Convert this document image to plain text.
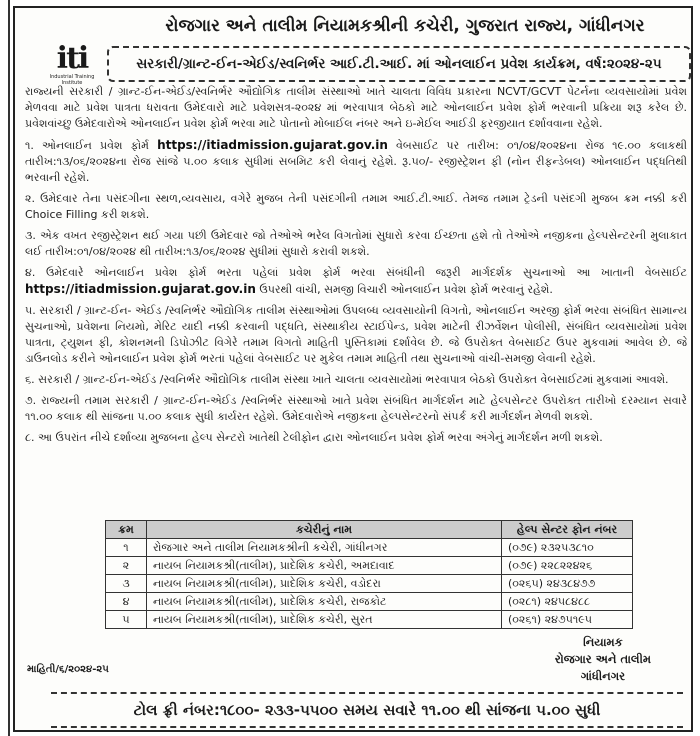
રોજગાર અને તાલીમ નિયામકશ્રીની કચેરી, ગુજરાત રાજ્ય, ગાંધીનગર
iti
Industrial Training Institute
સરકારી/ગ્રાન્ટ-ઈન-એઈડ/સ્વનિર્ભર આઈ.ટી.આઈ. માં ઓનલાઈન પ્રવેશ કાર્યક્રમ, વર્ષ:૨૦૨૪-૨૫

રાજ્યની સરકારી / ગ્રાન્ટ-ઈન-એઈડ/સ્વનિર્ભર ઔદ્યોગિક તાલીમ સંસ્થાઓ ખાતે ચાલતા વિવિધ પ્રકારના NCVT/GCVT પેટર્નના વ્યવસાયોમાં પ્રવેશ મેળવવા માટે પ્રવેશ પાત્રતા ધરાવતા ઉમેદવારો માટે પ્રવેશસત્ર-૨૦૨૪ માં ભરવાપાત્ર બેઠકો માટે ઓનલાઈન પ્રવેશ ફોર્મ ભરવાની પ્રક્રિયા શરૂ કરેલ છે. પ્રવેશવાંચ્છુ ઉમેદવારોએ ઓનલાઈન પ્રવેશ ફોર્મ ભરવા માટે પોતાનો મોબાઈલ નંબર અને ઇ-મેઈલ આઈડી ફરજીયાત દર્શાવવાના રહેશે.

૧. ઓનલાઈન પ્રવેશ ફોર્મ https://itiadmission.gujarat.gov.in વેબસાઈટ પર તારીખ: ૦૧/૦૪/૨૦૨૪ના રોજ ૧૯.૦૦ કલાકથી તારીખ:૧૩/૦૬/૨૦૨૪ના રોજ સાંજે ૫.૦૦ કલાક સુધીમાં સબમિટ કરી લેવાનું રહેશે. રૂ.૫૦/- રજીસ્ટ્રેશન ફી (નોન રીફન્ડેબલ) ઓનલાઈન પદ્ધતિથી ભરવાની રહેશે.

૨. ઉમેદવાર તેના પસંદગીના સ્થળ,વ્યવસાય, વગેરે મુજબ તેની પસંદગીની તમામ આઈ.ટી.આઈ. તેમજ તમામ ટ્રેડની પસંદગી મુજબ ક્રમ નક્કી કરી Choice Filling કરી શકશે.

૩. એક વખત રજીસ્ટ્રેશન થઈ ગયા પછી ઉમેદવાર જો તેઓએ ભરેલ વિગતોમાં સુધારો કરવા ઈચ્છતા હશે તો તેઓએ નજીકના હેલ્પસેન્ટરની મુલાકાત લઈ તારીખ:૦૧/૦૪/૨૦૨૪ થી તારીખ:૧૩/૦૬/૨૦૨૪ સુધીમાં સુધારો કરાવી શકશે.

૪. ઉમેદવારે ઓનલાઈન પ્રવેશ ફોર્મ ભરતા પહેલાં પ્રવેશ ફોર્મ ભરવા સંબંધીની જરૂરી માર્ગદર્શક સુચનાઓ આ ખાતાની વેબસાઈટ https://itiadmission.gujarat.gov.in ઉપરથી વાંચી, સમજી વિચારી ઓનલાઈન પ્રવેશ ફોર્મ ભરવાનું રહેશે.

૫. સરકારી / ગ્રાન્ટ-ઈન- એઈડ /સ્વનિર્ભર ઔદ્યોગિક તાલીમ સંસ્થાઓમાં ઉપલબ્ધ વ્યવસાયોની વિગતો, ઓનલાઈન અરજી ફોર્મ ભરવા સંબંધિત સામાન્ય સુચનાઓ, પ્રવેશના નિયમો, મેરિટ યાદી નક્કી કરવાની પદ્ધતિ, સંસ્થાકીય સ્ટાઈપેન્ડ, પ્રવેશ માટેની રીઝર્વેશન પોલીસી, સંબંધિત વ્યવસાયોમાં પ્રવેશ પાત્રતા, ટ્યુશન ફી, કોશનમની ડિપોઝીટ વિગેરે તમામ વિગતો માહિતી પુસ્તિકામાં દર્શાવેલ છે. જે ઉપરોક્ત વેબસાઈટ ઉપર મુકવામાં આવેલ છે. જે ડાઉનલોડ કરીને ઓનલાઈન પ્રવેશ ફોર્મ ભરતાં પહેલાં વેબસાઈટ પર મુકેલ તમામ માહિતી તથા સુચનાઓ વાંચી-સમજી લેવાની રહેશે.

૬. સરકારી / ગ્રાન્ટ-ઈન-એઈડ /સ્વનિર્ભર ઔદ્યોગિક તાલીમ સંસ્થા ખાતે ચાલતા વ્યવસાયોમાં ભરવાપાત્ર બેઠકો ઉપરોક્ત વેબસાઈટમાં મુકવામાં આવશે.

૭. રાજ્યની તમામ સરકારી / ગ્રાન્ટ-ઈન-એઈડ /સ્વનિર્ભર સંસ્થાઓ ખાતે પ્રવેશ સંબંધિત માર્ગદર્શન માટે હેલ્પસેન્ટર ઉપરોક્ત તારીખો દરમ્યાન સવારે ૧૧.૦૦ કલાક થી સાંજના ૫.૦૦ કલાક સુધી કાર્યરત રહેશે. ઉમેદવારોએ નજીકના હેલ્પસેન્ટરનો સંપર્ક કરી માર્ગદર્શન મેળવી શકશે.

૮. આ ઉપરાંત નીચે દર્શાવ્યા મુજબના હેલ્પ સેન્ટરો ખાતેથી ટેલીફોન દ્વારા ઓનલાઈન પ્રવેશ ફોર્મ ભરવા અંગેનું માર્ગદર્શન મળી શકશે.

ક્રમ	કચેરીનું નામ	હેલ્પ સેન્ટર ફોન નંબર
૧	રોજગાર અને તાલીમ નિયામકશ્રીની કચેરી, ગાંધીનગર	(૦૭૯) ૨૩૨૫૩૮૧૦
૨	નાયબ નિયામકશ્રી(તાલીમ), પ્રાદેશિક કચેરી, અમદાવાદ	(૦૭૯) ૨૨૮૨૨૪૨૬
૩	નાયબ નિયામકશ્રી(તાલીમ), પ્રાદેશિક કચેરી, વડોદરા	(૦૨૬૫) ૨૪૩૮૪૭૭
૪	નાયબ નિયામકશ્રી(તાલીમ), પ્રાદેશિક કચેરી, રાજકોટ	(૦૨૮૧) ૨૪૫૮૪૮૮
૫	નાયબ નિયામકશ્રી(તાલીમ), પ્રાદેશિક કચેરી, સુરત	(૦૨૬૧) ૨૪૭૫૧૯૫
નિયામક
રોજગાર અને તાલીમ
ગાંધીનગર
માહિતી/૬/૨૦૨૪-૨૫
ટોલ ફ્રી નંબર:૧૮૦૦- ૨૩૩-૫૫૦૦ સમય સવારે ૧૧.૦૦ થી સાંજના ૫.૦૦ સુધી
